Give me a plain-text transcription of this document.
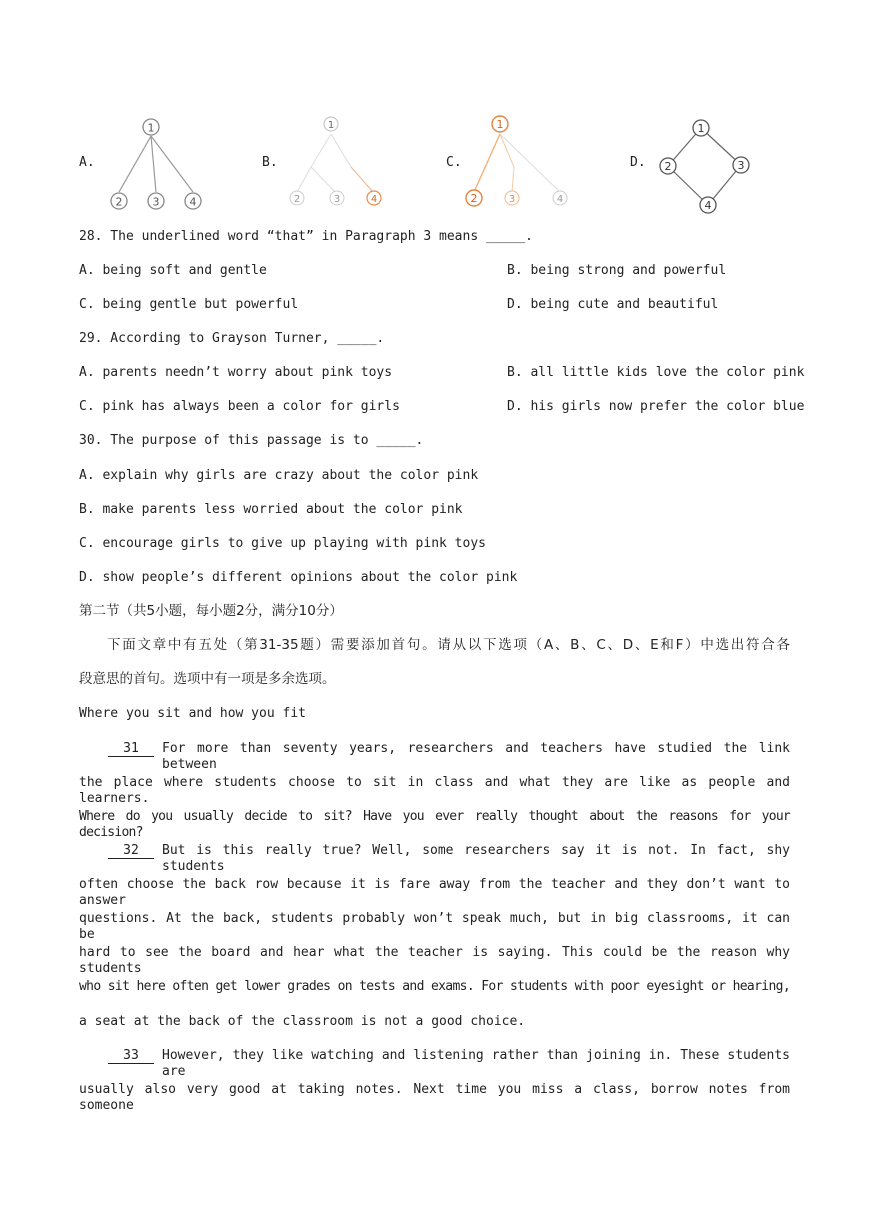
A.
1
2	3	4
B.
1
2	3	4
C.
1
2	3	4
D.
1
2	3
4
28. The underlined word “that” in Paragraph 3 means _____.
A. being soft and gentle	B. being strong and powerful
C. being gentle but powerful	D. being cute and beautiful
29. According to Grayson Turner, _____.
A. parents needn’t worry about pink toys	B. all little kids love the color pink
C. pink has always been a color for girls	D. his girls now prefer the color blue
30. The purpose of this passage is to _____.
A. explain why girls are crazy about the color pink
B. make parents less worried about the color pink
C. encourage girls to give up playing with pink toys
D. show people’s different opinions about the color pink
第二节（共5小题，每小题2分，满分10分）
下面文章中有五处（第31-35题）需要添加首句。请从以下选项（A、B、C、D、E和F）中选出符合各
段意思的首句。选项中有一项是多余选项。
Where you sit and how you fit
31	For more than seventy years, researchers and teachers have studied the link between
the place where students choose to sit in class and what they are like as people and learners.
Where do you usually decide to sit? Have you ever really thought about the reasons for your decision?
32	But is this really true? Well, some researchers say it is not. In fact, shy students
often choose the back row because it is fare away from the teacher and they don’t want to answer
questions. At the back, students probably won’t speak much, but in big classrooms, it can be
hard to see the board and hear what the teacher is saying. This could be the reason why students
who sit here often get lower grades on tests and exams. For students with poor eyesight or hearing,
a seat at the back of the classroom is not a good choice.
33	However, they like watching and listening rather than joining in. These students are
usually also very good at taking notes. Next time you miss a class, borrow notes from someone
